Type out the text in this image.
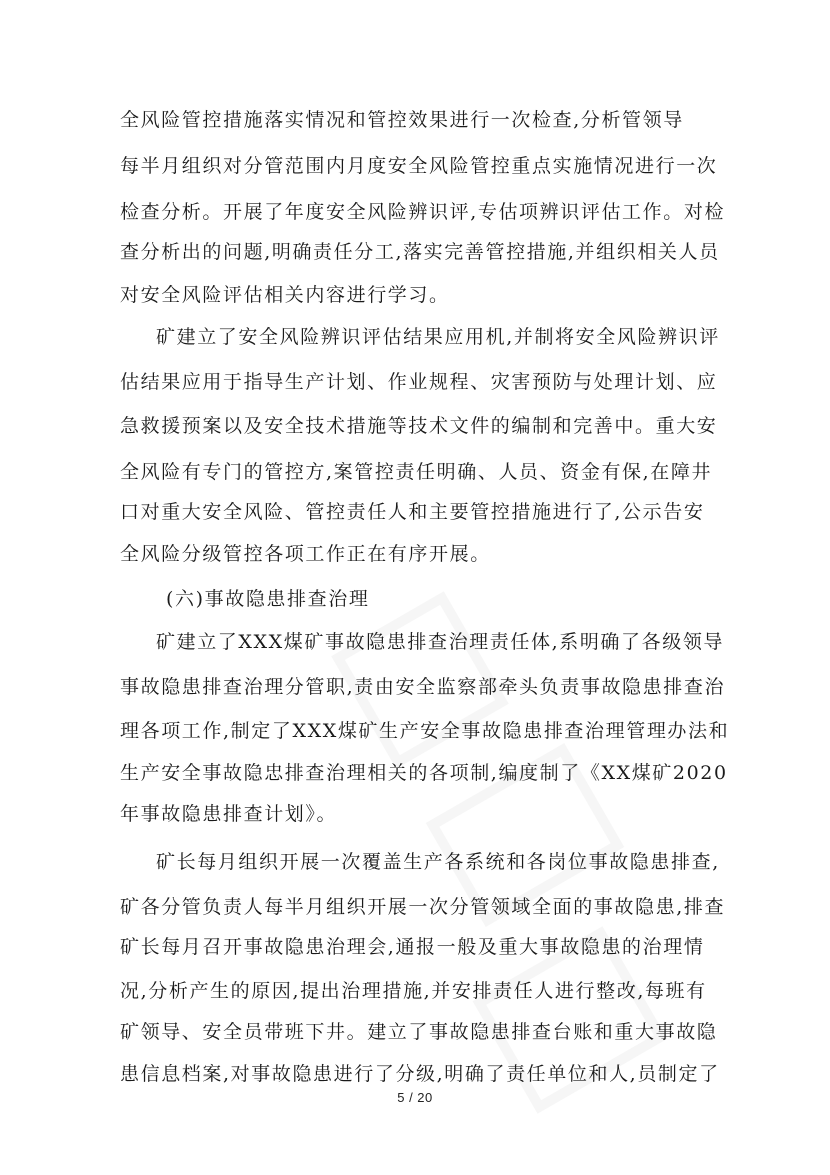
全风险管控措施落实情况和管控效果进行一次检查,分析管领导
每半月组织对分管范围内月度安全风险管控重点实施情况进行一次
检查分析。开展了年度安全风险辨识评,专估项辨识评估工作。对检
查分析出的问题,明确责任分工,落实完善管控措施,并组织相关人员
对安全风险评估相关内容进行学习。
矿建立了安全风险辨识评估结果应用机,并制将安全风险辨识评
估结果应用于指导生产计划、作业规程、灾害预防与处理计划、应
急救援预案以及安全技术措施等技术文件的编制和完善中。重大安
全风险有专门的管控方,案管控责任明确、人员、资金有保,在障井
口对重大安全风险、管控责任人和主要管控措施进行了,公示告安
全风险分级管控各项工作正在有序开展。
(六)事故隐患排查治理
矿建立了XXX煤矿事故隐患排查治理责任体,系明确了各级领导
事故隐患排查治理分管职,责由安全监察部牵头负责事故隐患排查治
理各项工作,制定了XXX煤矿生产安全事故隐患排查治理管理办法和
生产安全事故隐忠排查治理相关的各项制,编度制了《XX煤矿2020
年事故隐患排查计划》。
矿长每月组织开展一次覆盖生产各系统和各岗位事故隐患排查,
矿各分管负责人每半月组织开展一次分管领域全面的事故隐患,排查
矿长每月召开事故隐患治理会,通报一般及重大事故隐患的治理情
况,分析产生的原因,提出治理措施,并安排责任人进行整改,每班有
矿领导、安全员带班下井。建立了事故隐患排查台账和重大事故隐
患信息档案,对事故隐患进行了分级,明确了责任单位和人,员制定了
5 / 20
